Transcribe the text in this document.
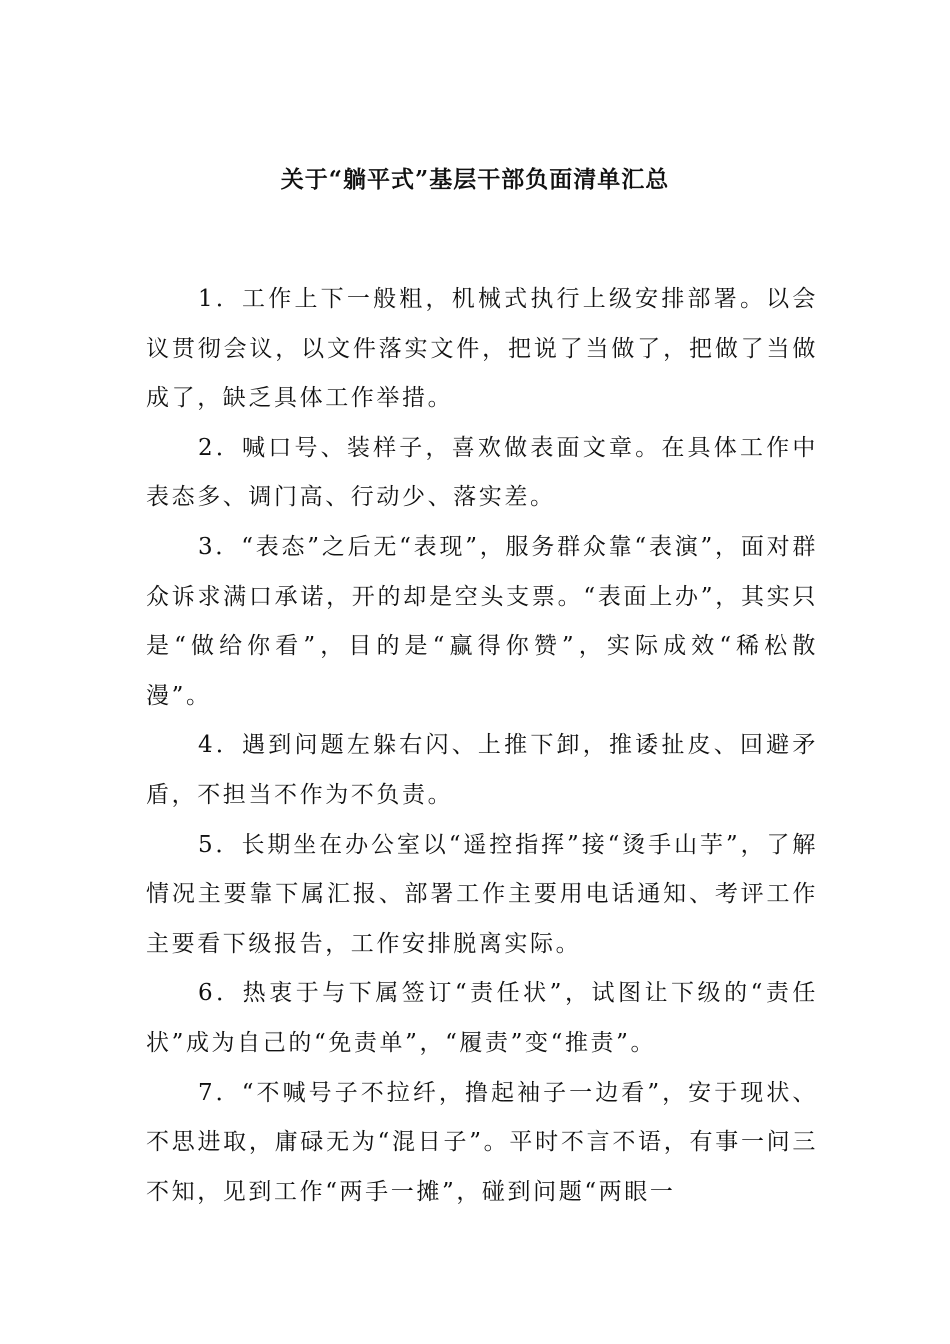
关于“躺平式”基层干部负面清单汇总

1．工作上下一般粗，机械式执行上级安排部署。以会议贯彻会议，以文件落实文件，把说了当做了，把做了当做成了，缺乏具体工作举措。

2．喊口号、装样子，喜欢做表面文章。在具体工作中表态多、调门高、行动少、落实差。

3．“表态”之后无“表现”，服务群众靠“表演”，面对群众诉求满口承诺，开的却是空头支票。“表面上办”，其实只是“做给你看”，目的是“赢得你赞”，实际成效“稀松散漫”。

4．遇到问题左躲右闪、上推下卸，推诿扯皮、回避矛盾，不担当不作为不负责。

5．长期坐在办公室以“遥控指挥”接“烫手山芋”，了解情况主要靠下属汇报、部署工作主要用电话通知、考评工作主要看下级报告，工作安排脱离实际。

6．热衷于与下属签订“责任状”，试图让下级的“责任状”成为自己的“免责单”，“履责”变“推责”。

7．“不喊号子不拉纤，撸起袖子一边看”，安于现状、不思进取，庸碌无为“混日子”。平时不言不语，有事一问三不知，见到工作“两手一摊”，碰到问题“两眼一
